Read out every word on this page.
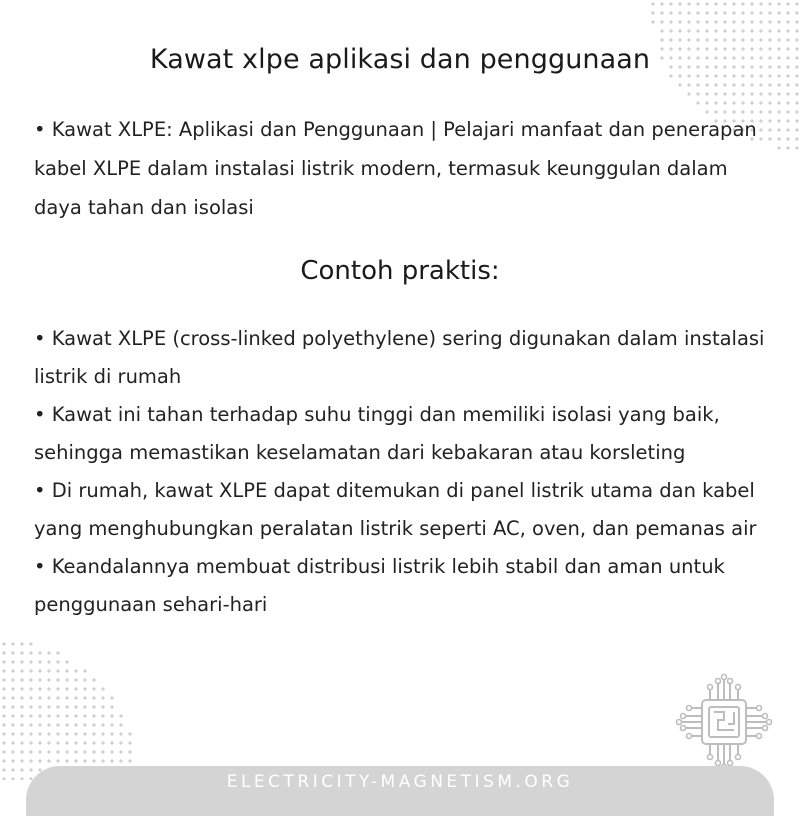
Kawat xlpe aplikasi dan penggunaan

• Kawat XLPE: Aplikasi dan Penggunaan | Pelajari manfaat dan penerapan kabel XLPE dalam instalasi listrik modern, termasuk keunggulan dalam daya tahan dan isolasi

Contoh praktis:
• Kawat XLPE (cross-linked polyethylene) sering digunakan dalam instalasi listrik di rumah
• Kawat ini tahan terhadap suhu tinggi dan memiliki isolasi yang baik, sehingga memastikan keselamatan dari kebakaran atau korsleting
• Di rumah, kawat XLPE dapat ditemukan di panel listrik utama dan kabel yang menghubungkan peralatan listrik seperti AC, oven, dan pemanas air
• Keandalannya membuat distribusi listrik lebih stabil dan aman untuk penggunaan sehari-hari
ELECTRICITY-MAGNETISM.ORG
